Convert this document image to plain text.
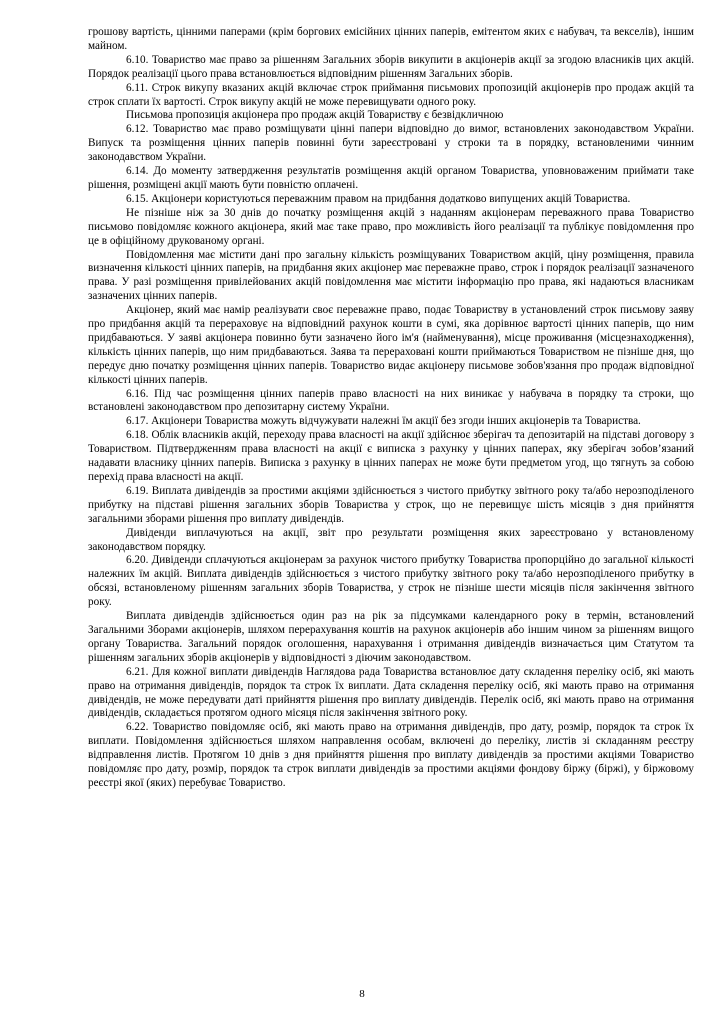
грошову вартість, цінними паперами (крім боргових емісійних цінних паперів, емітентом яких є набувач, та векселів), іншим майном.

6.10. Товариство має право за рішенням Загальних зборів викупити в акціонерів акції за згодою власників цих акцій. Порядок реалізації цього права встановлюється відповідним рішенням Загальних зборів.

6.11. Строк викупу вказаних акцій включає строк приймання письмових пропозицій акціонерів про продаж акцій та строк сплати їх вартості. Строк викупу акцій не може перевищувати одного року.

Письмова пропозиція акціонера про продаж акцій Товариству є безвідкличною

6.12. Товариство має право розміщувати цінні папери відповідно до вимог, встановлених законодавством України. Випуск та розміщення цінних паперів повинні бути зареєстровані у строки та в порядку, встановленими чинним законодавством України.

6.14. До моменту затвердження результатів розміщення акцій органом Товариства, уповноваженим приймати таке рішення, розміщені акції мають бути повністю оплачені.

6.15. Акціонери користуються переважним правом на придбання додатково випущених акцій Товариства.

Не пізніше ніж за 30 днів до початку розміщення акцій з наданням акціонерам переважного права Товариство письмово повідомляє кожного акціонера, який має таке право, про можливість його реалізації та публікує повідомлення про це в офіційному друкованому органі.

Повідомлення має містити дані про загальну кількість розміщуваних Товариством акцій, ціну розміщення, правила визначення кількості цінних паперів, на придбання яких акціонер має переважне право, строк і порядок реалізації зазначеного права. У разі розміщення привілейованих акцій повідомлення має містити інформацію про права, які надаються власникам зазначених цінних паперів.

Акціонер, який має намір реалізувати своє переважне право, подає Товариству в установлений строк письмову заяву про придбання акцій та перераховує на відповідний рахунок кошти в сумі, яка дорівнює вартості цінних паперів, що ним придбаваються. У заяві акціонера повинно бути зазначено його ім'я (найменування), місце проживання (місцезнаходження), кількість цінних паперів, що ним придбаваються. Заява та перераховані кошти приймаються Товариством не пізніше дня, що передує дню початку розміщення цінних паперів. Товариство видає акціонеру письмове зобов'язання про продаж відповідної кількості цінних паперів.

6.16. Під час розміщення цінних паперів право власності на них виникає у набувача в порядку та строки, що встановлені законодавством про депозитарну систему України.

6.17. Акціонери Товариства можуть відчужувати належні їм акції без згоди інших акціонерів та Товариства.

6.18. Облік власників акцій, переходу права власності на акції здійснює зберігач та депозитарій на підставі договору з Товариством. Підтвердженням права власності на акції є виписка з рахунку у цінних паперах, яку зберігач зобов’язаний надавати власнику цінних паперів. Виписка з рахунку в цінних паперах не може бути предметом угод, що тягнуть за собою перехід права власності на акції.

6.19. Виплата дивідендів за простими акціями здійснюється з чистого прибутку звітного року та/або нерозподіленого прибутку на підставі рішення загальних зборів Товариства у строк, що не перевищує шість місяців з дня прийняття загальними зборами рішення про виплату дивідендів.

Дивіденди виплачуються на акції, звіт про результати розміщення яких зареєстровано у встановленому законодавством порядку.

6.20. Дивіденди сплачуються акціонерам за рахунок чистого прибутку Товариства пропорційно до загальної кількості належних їм акцій. Виплата дивідендів здійснюється з чистого прибутку звітного року та/або нерозподіленого прибутку в обсязі, встановленому рішенням загальних зборів Товариства, у строк не пізніше шести місяців після закінчення звітного року.

Виплата дивідендів здійснюється один раз на рік за підсумками календарного року в термін, встановлений Загальними Зборами акціонерів, шляхом перерахування коштів на рахунок акціонерів або іншим чином за рішенням вищого органу Товариства. Загальний порядок оголошення, нарахування і отримання дивідендів визначається цим Статутом та рішенням загальних зборів акціонерів у відповідності з діючим законодавством.

6.21. Для кожної виплати дивідендів Наглядова рада Товариства встановлює дату складення переліку осіб, які мають право на отримання дивідендів, порядок та строк їх виплати. Дата складення переліку осіб, які мають право на отримання дивідендів, не може передувати даті прийняття рішення про виплату дивідендів. Перелік осіб, які мають право на отримання дивідендів, складається протягом одного місяця після закінчення звітного року.

6.22. Товариство повідомляє осіб, які мають право на отримання дивідендів, про дату, розмір, порядок та строк їх виплати. Повідомлення здійснюється шляхом направлення особам, включені до переліку, листів зі складанням реєстру відправлення листів. Протягом 10 днів з дня прийняття рішення про виплату дивідендів за простими акціями Товариство повідомляє про дату, розмір, порядок та строк виплати дивідендів за простими акціями фондову біржу (біржі), у біржовому реєстрі якої (яких) перебуває Товариство.

8
